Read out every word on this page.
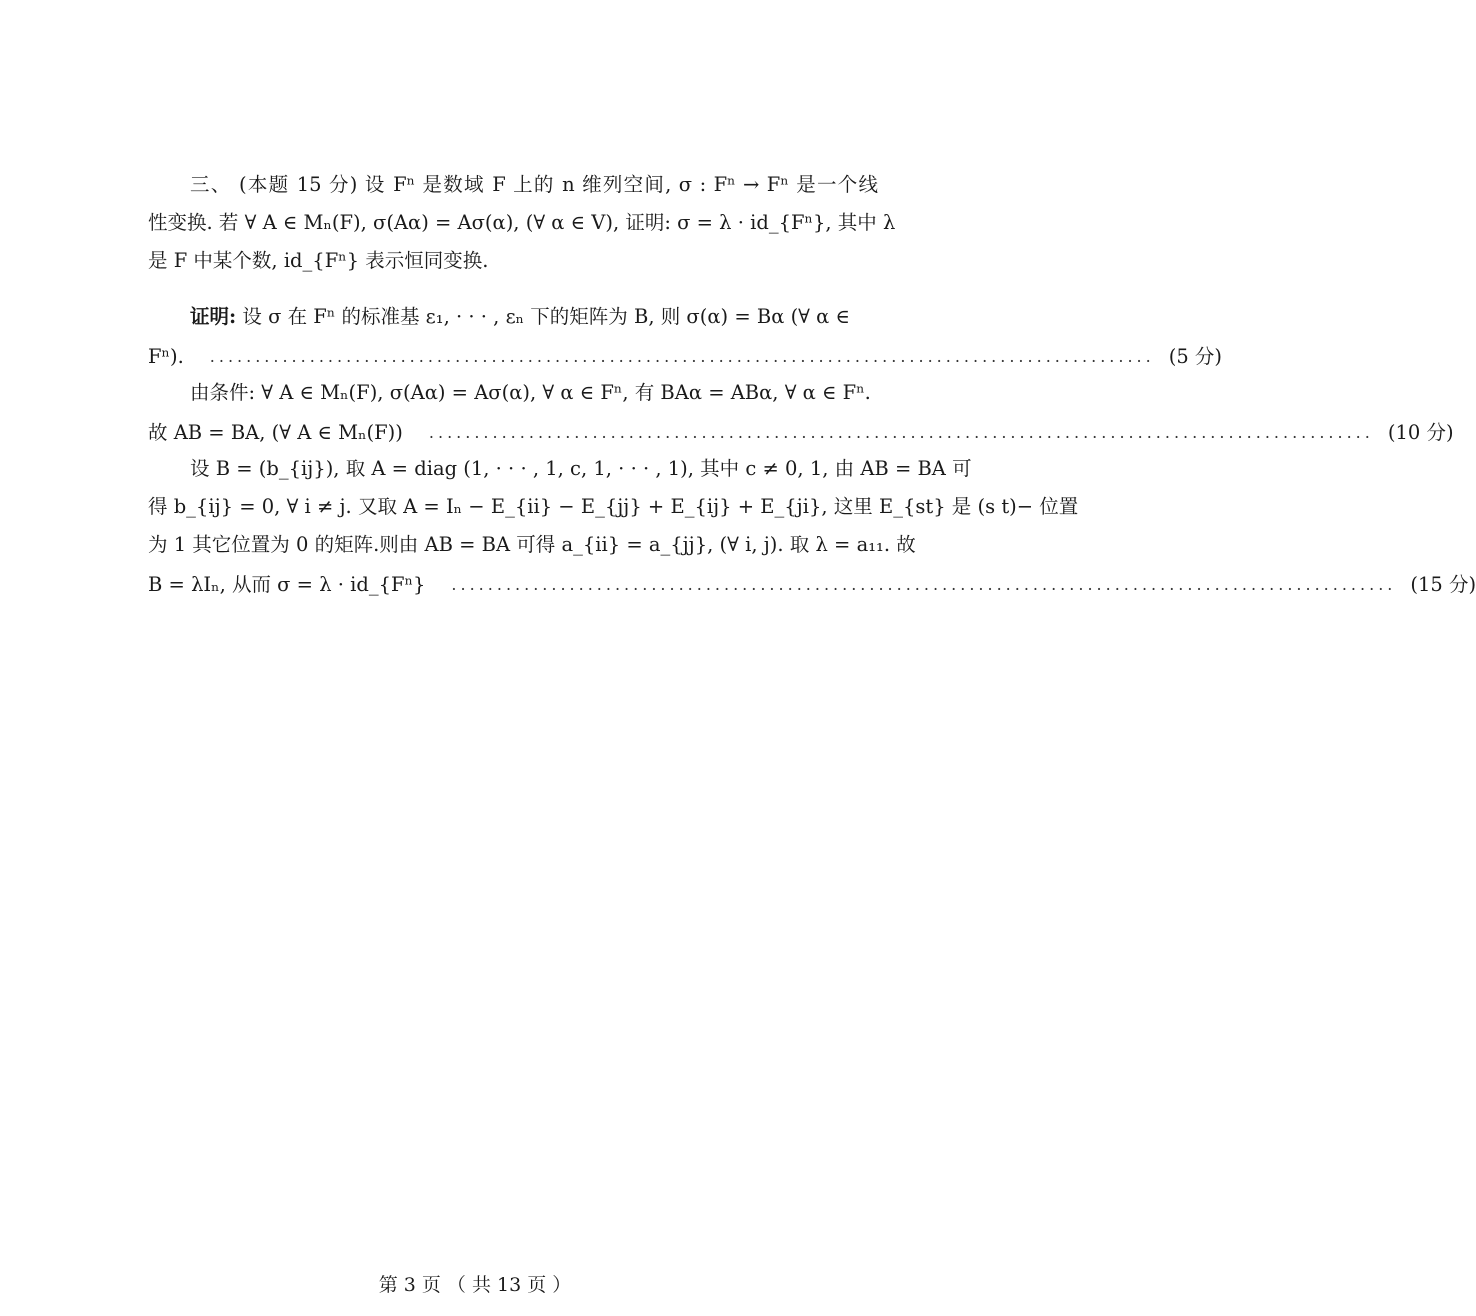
三、 (本题 15 分) 设 Fⁿ 是数域 F 上的 n 维列空间, σ : Fⁿ → Fⁿ 是一个线
性变换. 若 ∀ A ∈ Mₙ(F), σ(Aα) = Aσ(α), (∀ α ∈ V), 证明: σ = λ · id_{Fⁿ}, 其中 λ
是 F 中某个数, id_{Fⁿ} 表示恒同变换.
证明: 设 σ 在 Fⁿ 的标准基 ε₁, · · · , εₙ 下的矩阵为 B, 则 σ(α) = Bα (∀ α ∈
Fⁿ). ........................................................................................................ (5 分)
由条件: ∀ A ∈ Mₙ(F), σ(Aα) = Aσ(α), ∀ α ∈ Fⁿ, 有 BAα = ABα, ∀ α ∈ Fⁿ.
故 AB = BA, (∀ A ∈ Mₙ(F)) ........................................................................................................ (10 分)
设 B = (b_{ij}), 取 A = diag (1, · · · , 1, c, 1, · · · , 1), 其中 c ≠ 0, 1, 由 AB = BA 可
得 b_{ij} = 0, ∀ i ≠ j. 又取 A = Iₙ − E_{ii} − E_{jj} + E_{ij} + E_{ji}, 这里 E_{st} 是 (s t)− 位置
为 1 其它位置为 0 的矩阵.则由 AB = BA 可得 a_{ii} = a_{jj}, (∀ i, j). 取 λ = a₁₁. 故
B = λIₙ, 从而 σ = λ · id_{Fⁿ} ........................................................................................................ (15 分)
第 3 页 （ 共 13 页 ）
